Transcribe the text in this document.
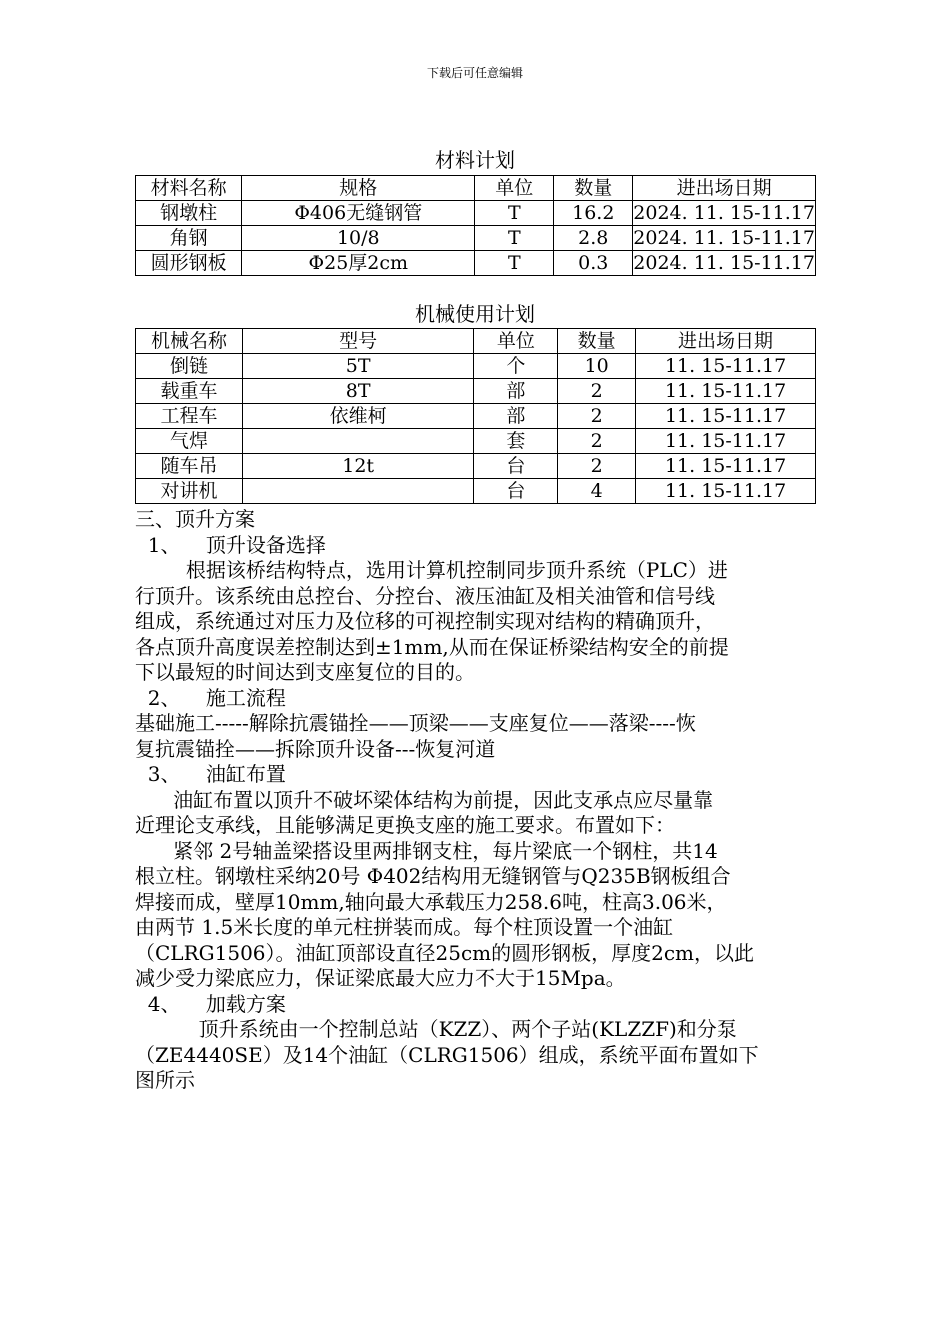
下载后可任意编辑
材料计划
材料名称	规格	单位	数量	进出场日期
钢墩柱	Φ406无缝钢管	T	16.2	2024. 11. 15-11.17
角钢	10/8	T	2.8	2024. 11. 15-11.17
圆形钢板	Φ25厚2cm	T	0.3	2024. 11. 15-11.17
机械使用计划
机械名称	型号	单位	数量	进出场日期
倒链	5T	个	10	11. 15-11.17
载重车	8T	部	2	11. 15-11.17
工程车	依维柯	部	2	11. 15-11.17
气焊		套	2	11. 15-11.17
随车吊	12t	台	2	11. 15-11.17
对讲机		台	4	11. 15-11.17
三、顶升方案
1、    顶升设备选择
根据该桥结构特点，选用计算机控制同步顶升系统（PLC）进
行顶升。该系统由总控台、分控台、液压油缸及相关油管和信号线
组成，系统通过对压力及位移的可视控制实现对结构的精确顶升，
各点顶升高度误差控制达到±1mm,从而在保证桥梁结构安全的前提
下以最短的时间达到支座复位的目的。
2、    施工流程
基础施工-----解除抗震锚拴——顶梁——支座复位——落梁----恢
复抗震锚拴——拆除顶升设备---恢复河道
3、    油缸布置
油缸布置以顶升不破坏梁体结构为前提，因此支承点应尽量靠
近理论支承线，且能够满足更换支座的施工要求。布置如下：
紧邻 2号轴盖梁搭设里两排钢支柱，每片梁底一个钢柱，共14
根立柱。钢墩柱采纳20号 Φ402结构用无缝钢管与Q235B钢板组合
焊接而成，壁厚10mm,轴向最大承载压力258.6吨，柱高3.06米，
由两节 1.5米长度的单元柱拼装而成。每个柱顶设置一个油缸
（CLRG1506）。油缸顶部设直径25cm的圆形钢板，厚度2cm，以此
减少受力梁底应力，保证梁底最大应力不大于15Mpa。
4、    加载方案
顶升系统由一个控制总站（KZZ）、两个子站(KLZZF)和分泵
（ZE4440SE）及14个油缸（CLRG1506）组成，系统平面布置如下
图所示
